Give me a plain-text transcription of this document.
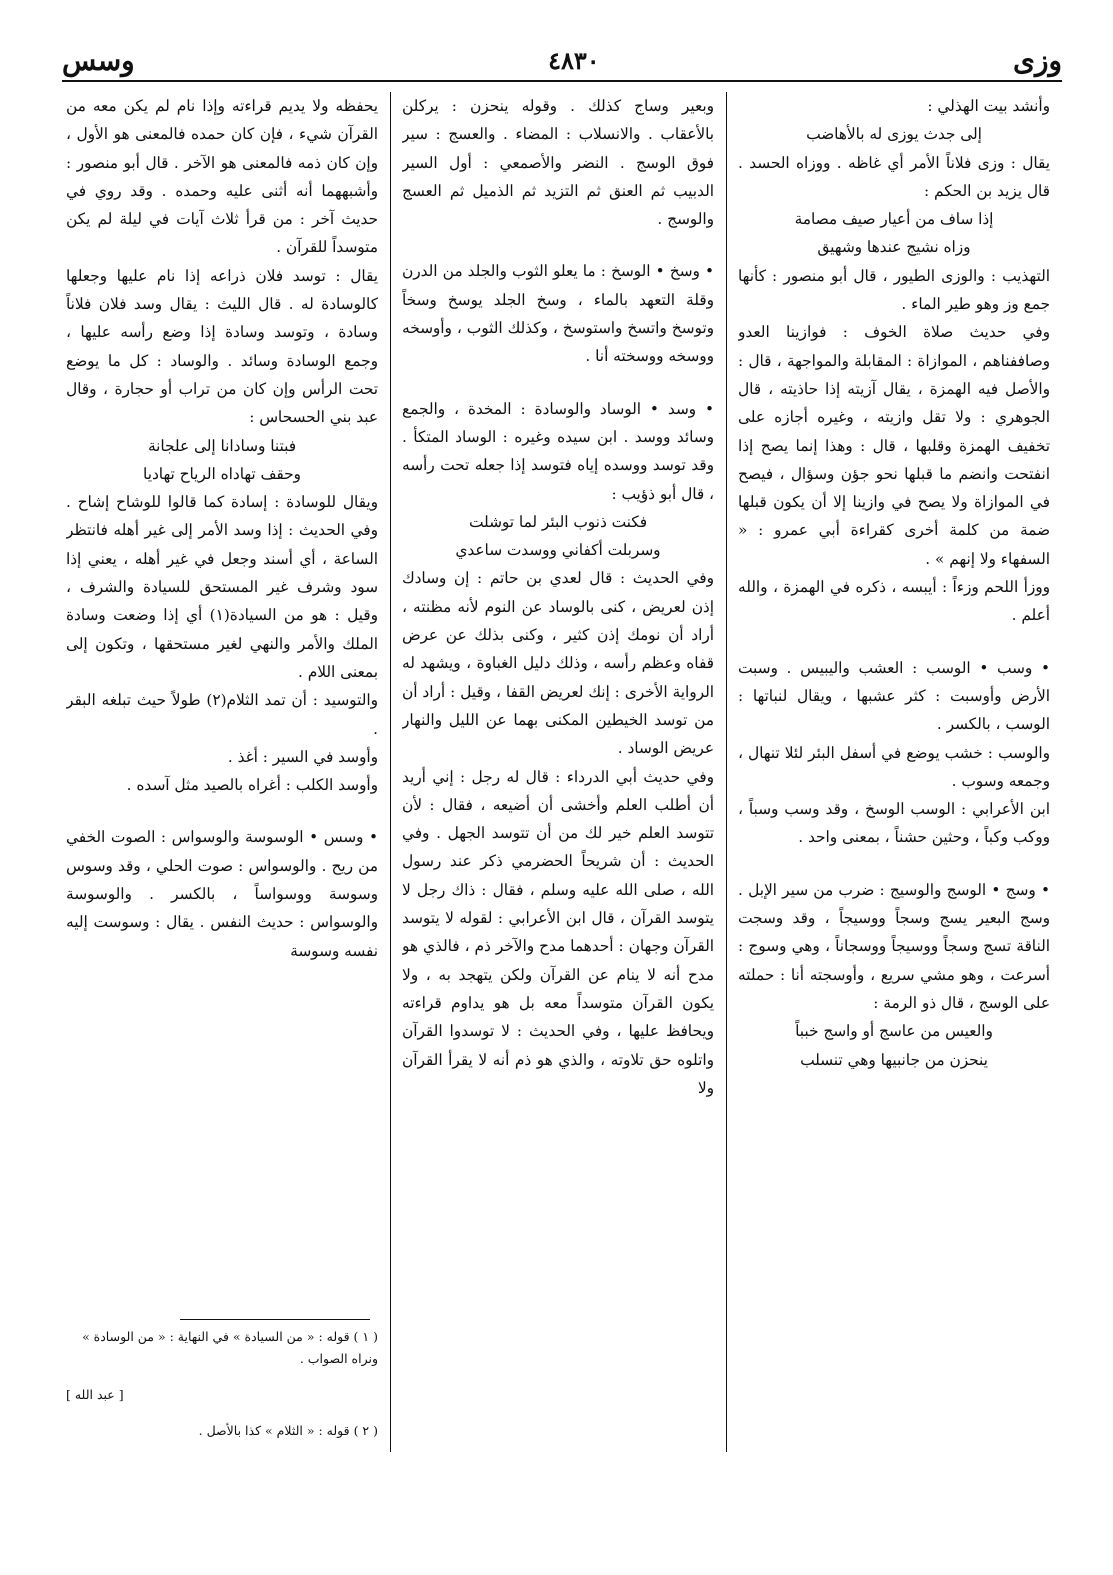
وزى
٤٨٣٠
وسس

وأنشد بيت الهذلي :

إلى جدث يوزى له بالأهاضب

يقال : وزى فلاناً الأمر أي غاظه . ووزاه الحسد . قال يزيد بن الحكم :

إذا ساف من أعيار صيف مصامة

وزاه نشيج عندها وشهيق

التهذيب : والوزى الطيور ، قال أبو منصور : كأنها جمع وز وهو طير الماء .

وفي حديث صلاة الخوف : فوازينا العدو وصاففناهم ، الموازاة : المقابلة والمواجهة ، قال : والأصل فيه الهمزة ، يقال آزيته إذا حاذيته ، قال الجوهري : ولا تقل وازيته ، وغيره أجازه على تخفيف الهمزة وقلبها ، قال : وهذا إنما يصح إذا انفتحت وانضم ما قبلها نحو جؤن وسؤال ، فيصح في الموازاة ولا يصح في وازينا إلا أن يكون قبلها ضمة من كلمة أخرى كقراءة أبي عمرو : « السفهاء ولا إنهم » .

ووزأ اللحم وزءاً : أيبسه ، ذكره في الهمزة ، والله أعلم .

• وسب • الوسب : العشب واليبيس . وسبت الأرض وأوسبت : كثر عشبها ، ويقال لنباتها : الوسب ، بالكسر .

والوسب : خشب يوضع في أسفل البئر لئلا تنهال ، وجمعه وسوب .

ابن الأعرابي : الوسب الوسخ ، وقد وسب وسباً ، ووكب وكباً ، وحثين حشناً ، بمعنى واحد .

• وسج • الوسج والوسيج : ضرب من سير الإبل . وسج البعير يسج وسجاً ووسيجاً ، وقد وسجت الناقة تسج وسجاً ووسيجاً ووسجاناً ، وهي وسوج : أسرعت ، وهو مشي سريع ، وأوسجته أنا : حملته على الوسج ، قال ذو الرمة :

والعيس من عاسج أو واسج خبباً

ينحزن من جانبيها وهي تنسلب

وبعير وساج كذلك . وقوله ينحزن : يركلن بالأعقاب . والانسلاب : المضاء . والعسج : سير فوق الوسج . النضر والأصمعي : أول السير الدبيب ثم العنق ثم التزيد ثم الذميل ثم العسج والوسج .

• وسخ • الوسخ : ما يعلو الثوب والجلد من الدرن وقلة التعهد بالماء ، وسخ الجلد يوسخ وسخاً وتوسخ واتسخ واستوسخ ، وكذلك الثوب ، وأوسخه ووسخه ووسخته أنا .

• وسد • الوساد والوسادة : المخدة ، والجمع وسائد ووسد . ابن سيده وغيره : الوساد المتكأ . وقد توسد ووسده إياه فتوسد إذا جعله تحت رأسه ، قال أبو ذؤيب :

فكنت ذنوب البئر لما توشلت

وسربلت أكفاني ووسدت ساعدي

وفي الحديث : قال لعدي بن حاتم : إن وسادك إذن لعريض ، كنى بالوساد عن النوم لأنه مظنته ، أراد أن نومك إذن كثير ، وكنى بذلك عن عرض قفاه وعظم رأسه ، وذلك دليل الغباوة ، ويشهد له الرواية الأخرى : إنك لعريض القفا ، وقيل : أراد أن من توسد الخيطين المكنى بهما عن الليل والنهار عريض الوساد .

وفي حديث أبي الدرداء : قال له رجل : إني أريد أن أطلب العلم وأخشى أن أضيعه ، فقال : لأن تتوسد العلم خير لك من أن تتوسد الجهل . وفي الحديث : أن شريحاً الحضرمي ذكر عند رسول الله ، صلى الله عليه وسلم ، فقال : ذاك رجل لا يتوسد القرآن ، قال ابن الأعرابي : لقوله لا يتوسد القرآن وجهان : أحدهما مدح والآخر ذم ، فالذي هو مدح أنه لا ينام عن القرآن ولكن يتهجد به ، ولا يكون القرآن متوسداً معه بل هو يداوم قراءته ويحافظ عليها ، وفي الحديث : لا توسدوا القرآن واتلوه حق تلاوته ، والذي هو ذم أنه لا يقرأ القرآن ولا

يحفظه ولا يديم قراءته وإذا نام لم يكن معه من القرآن شيء ، فإن كان حمده فالمعنى هو الأول ، وإن كان ذمه فالمعنى هو الآخر . قال أبو منصور : وأشبههما أنه أثنى عليه وحمده . وقد روي في حديث آخر : من قرأ ثلاث آيات في ليلة لم يكن متوسداً للقرآن .

يقال : توسد فلان ذراعه إذا نام عليها وجعلها كالوسادة له . قال الليث : يقال وسد فلان فلاناً وسادة ، وتوسد وسادة إذا وضع رأسه عليها ، وجمع الوسادة وسائد . والوساد : كل ما يوضع تحت الرأس وإن كان من تراب أو حجارة ، وقال عبد بني الحسحاس :

فبتنا وسادانا إلى علجانة

وحقف تهاداه الرياح تهاديا

ويقال للوسادة : إسادة كما قالوا للوشاح إشاح . وفي الحديث : إذا وسد الأمر إلى غير أهله فانتظر الساعة ، أي أسند وجعل في غير أهله ، يعني إذا سود وشرف غير المستحق للسيادة والشرف ، وقيل : هو من السيادة(١) أي إذا وضعت وسادة الملك والأمر والنهي لغير مستحقها ، وتكون إلى بمعنى اللام .

والتوسيد : أن تمد الثلام(٢) طولاً حيث تبلغه البقر .

وأوسد في السير : أغذ .

وأوسد الكلب : أغراه بالصيد مثل آسده .

• وسس • الوسوسة والوسواس : الصوت الخفي من ريح . والوسواس : صوت الحلي ، وقد وسوس وسوسة ووسواساً ، بالكسر . والوسوسة والوسواس : حديث النفس . يقال : وسوست إليه نفسه وسوسة

( ١ ) قوله : « من السيادة » في النهاية : « من الوسادة » ونراه الصواب .

[ عبد الله ]

( ٢ ) قوله : « الثلام » كذا بالأصل .
